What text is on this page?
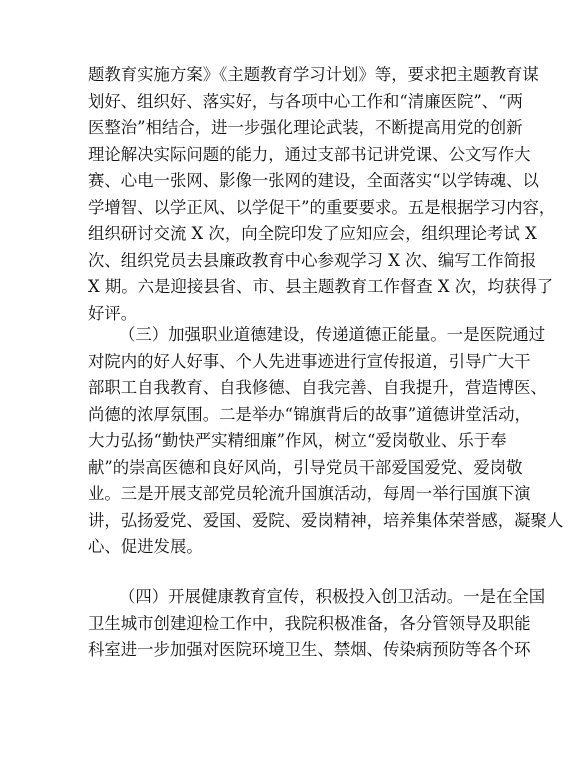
题教育实施方案》《主题教育学习计划》等，要求把主题教育谋
划好、组织好、落实好，与各项中心工作和“清廉医院”、“两
医整治”相结合，进一步强化理论武装，不断提高用党的创新
理论解决实际问题的能力，通过支部书记讲党课、公文写作大
赛、心电一张网、影像一张网的建设，全面落实“以学铸魂、以
学增智、以学正风、以学促干”的重要要求。五是根据学习内容，
组织研讨交流 X 次，向全院印发了应知应会，组织理论考试 X
次、组织党员去县廉政教育中心参观学习 X 次、编写工作简报
X 期。六是迎接县省、市、县主题教育工作督查 X 次，均获得了
好评。
（三）加强职业道德建设，传递道德正能量。一是医院通过
对院内的好人好事、个人先进事迹进行宣传报道，引导广大干
部职工自我教育、自我修德、自我完善、自我提升，营造博医、
尚德的浓厚氛围。二是举办“锦旗背后的故事”道德讲堂活动，
大力弘扬“勤快严实精细廉”作风，树立“爱岗敬业、乐于奉
献”的崇高医德和良好风尚，引导党员干部爱国爱党、爱岗敬
业。三是开展支部党员轮流升国旗活动，每周一举行国旗下演
讲，弘扬爱党、爱国、爱院、爱岗精神，培养集体荣誉感，凝聚人
心、促进发展。
（四）开展健康教育宣传，积极投入创卫活动。一是在全国
卫生城市创建迎检工作中，我院积极准备，各分管领导及职能
科室进一步加强对医院环境卫生、禁烟、传染病预防等各个环
